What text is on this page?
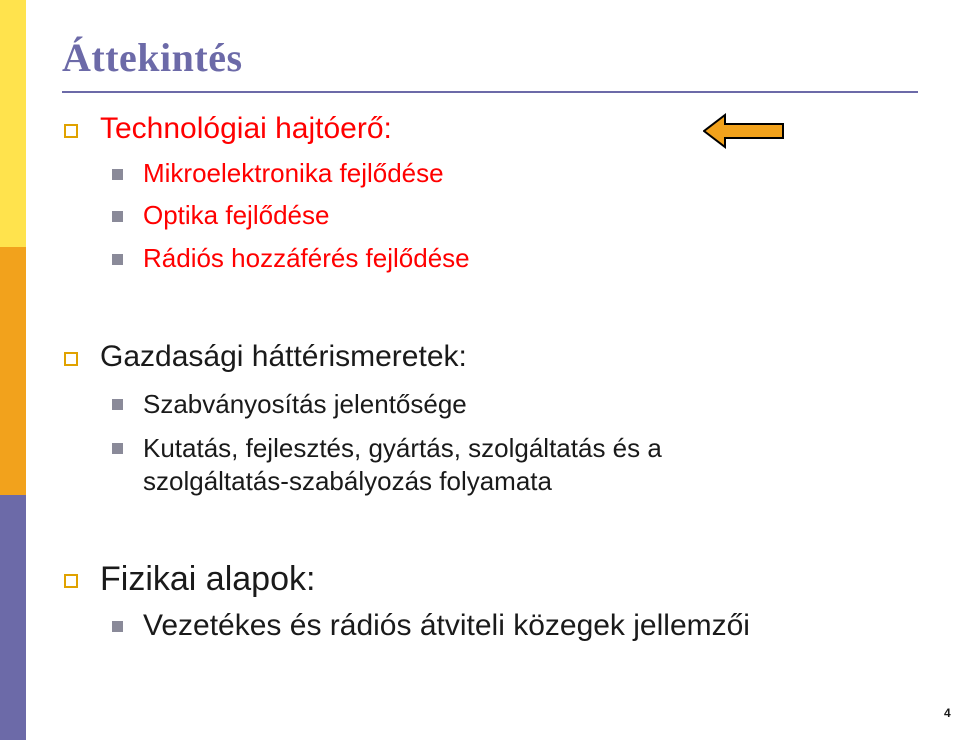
Áttekintés
Technológiai hajtóerő:
Mikroelektronika fejlődése
Optika fejlődése
Rádiós hozzáférés fejlődése
Gazdasági háttérismeretek:
Szabványosítás jelentősége
Kutatás, fejlesztés, gyártás, szolgáltatás és a
szolgáltatás-szabályozás folyamata
Fizikai alapok:
Vezetékes és rádiós átviteli közegek jellemzői
4
